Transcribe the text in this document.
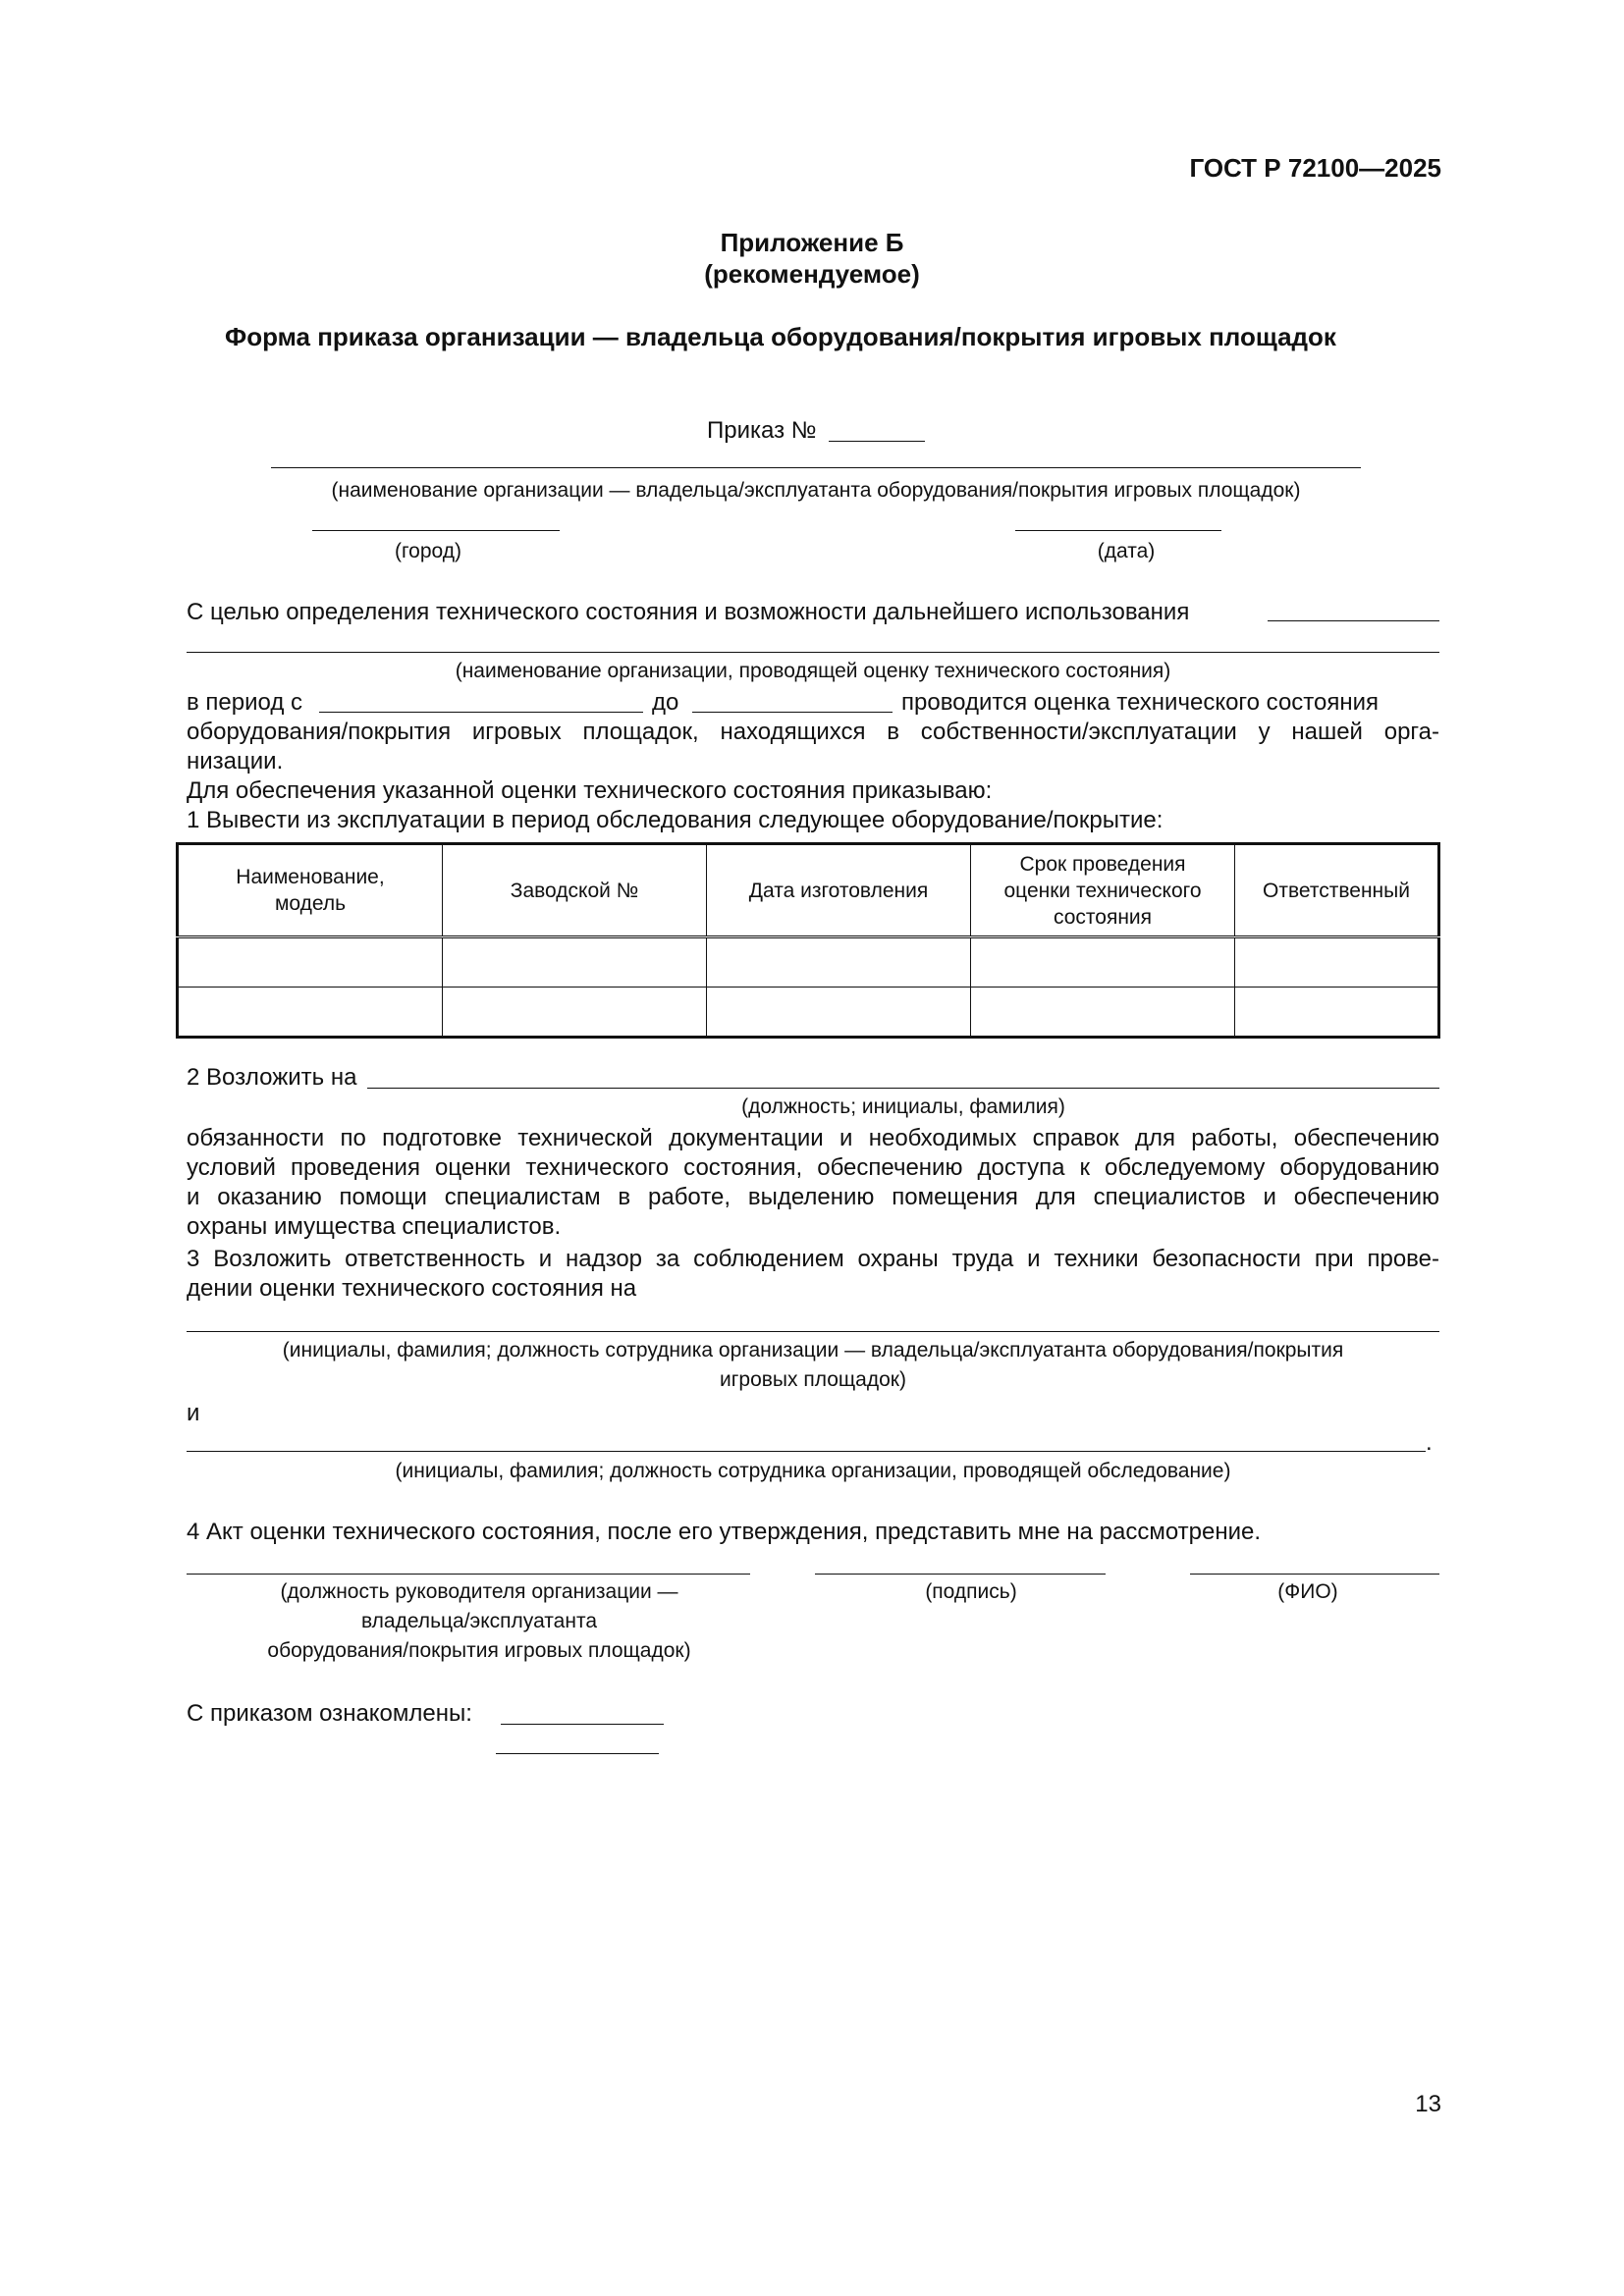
ГОСТ Р 72100—2025
Приложение Б
(рекомендуемое)
Форма приказа организации — владельца оборудования/покрытия игровых площадок
Приказ №
(наименование организации — владельца/эксплуатанта оборудования/покрытия игровых площадок)
(город)	(дата)
С целью определения технического состояния и возможности дальнейшего использования
(наименование организации, проводящей оценку технического состояния)
в период с	до	проводится оценка технического состояния
оборудования/покрытия игровых площадок, находящихся в собственности/эксплуатации у нашей орга-
низации.
Для обеспечения указанной оценки технического состояния приказываю:
1 Вывести из эксплуатации в период обследования следующее оборудование/покрытие:
Наименование, модель	Заводской №	Дата изготовления	Срок проведения оценки технического состояния	Ответственный

2 Возложить на
(должность; инициалы, фамилия)
обязанности по подготовке технической документации и необходимых справок для работы, обеспечению
условий проведения оценки технического состояния, обеспечению доступа к обследуемому оборудованию
и оказанию помощи специалистам в работе, выделению помещения для специалистов и обеспечению
охраны имущества специалистов.
3 Возложить ответственность и надзор за соблюдением охраны труда и техники безопасности при прове-
дении оценки технического состояния на
(инициалы, фамилия; должность сотрудника организации — владельца/эксплуатанта оборудования/покрытия
игровых площадок)
и
.
(инициалы, фамилия; должность сотрудника организации, проводящей обследование)
4 Акт оценки технического состояния, после его утверждения, представить мне на рассмотрение.
(должность руководителя организации —
владельца/эксплуатанта
оборудования/покрытия игровых площадок)
(подпись)	(ФИО)
С приказом ознакомлены:
13
